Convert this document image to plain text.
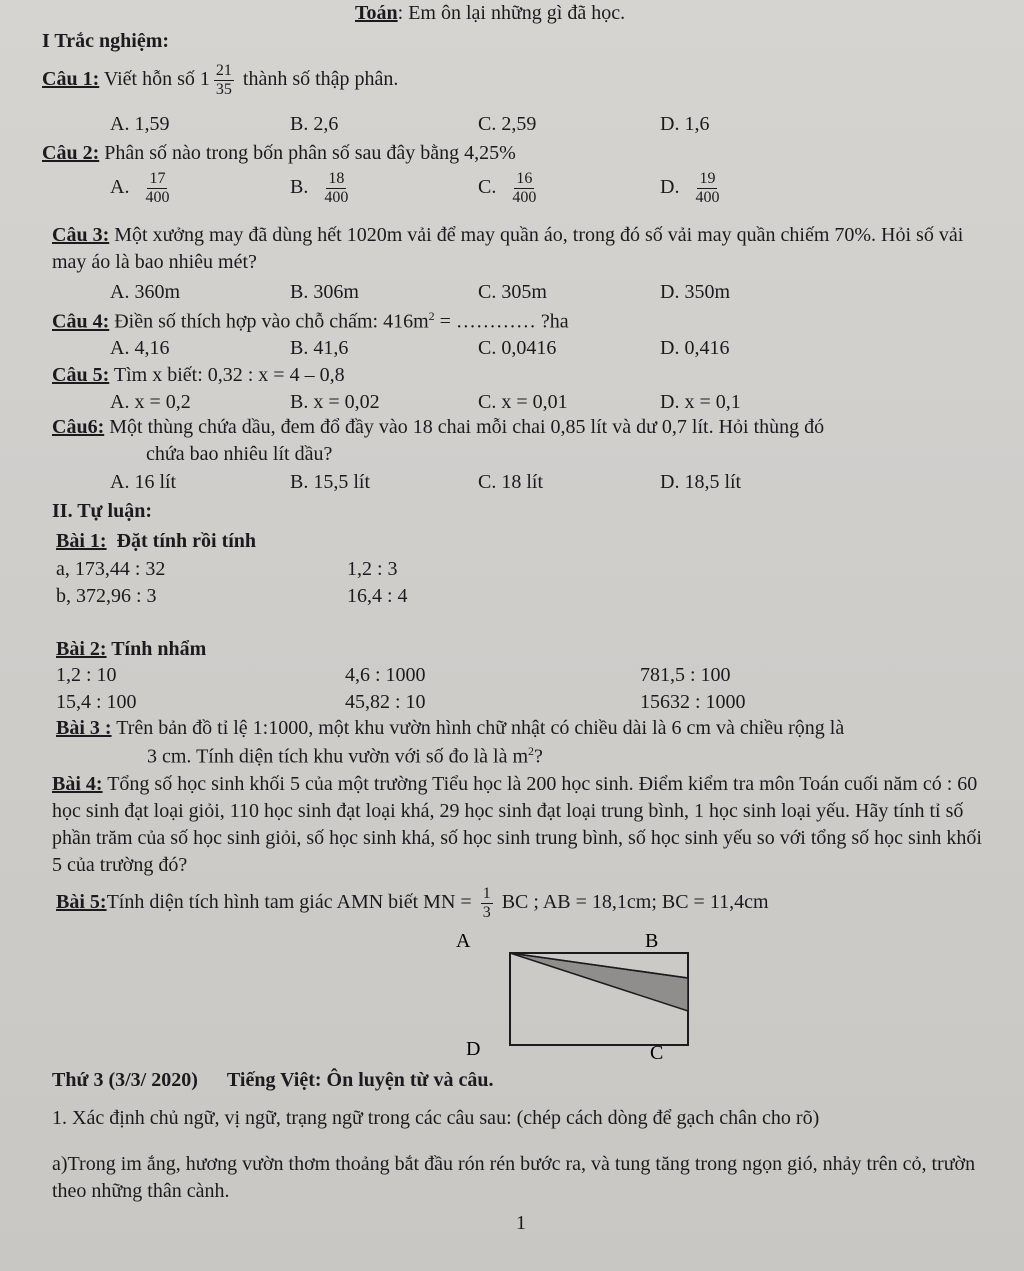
Toán: Em ôn lại những gì đã học.
I Trắc nghiệm:
Câu 1: Viết hỗn số $1 \frac{21}{35}$ thành số thập phân.
A. 1,59	B. 2,6	C. 2,59	D. 1,6
Câu 2: Phân số nào trong bốn phân số sau đây bằng 4,25%
A. $\frac{17}{400}$	B. $\frac{18}{400}$	C. $\frac{16}{400}$	D. $\frac{19}{400}$
Câu 3: Một xưởng may đã dùng hết 1020m vải để may quần áo, trong đó số vải may quần chiếm 70%. Hỏi số vải may áo là bao nhiêu mét?
A. 360m	B. 306m	C. 305m	D. 350m
Câu 4: Điền số thích hợp vào chỗ chấm: $416m^2$ = ………… ?ha
A. 4,16	B. 41,6	C. 0,0416	D. 0,416
Câu 5: Tìm x biết: 0,32 : x = 4 – 0,8
A. x = 0,2	B. x = 0,02	C. x = 0,01	D. x = 0,1
Câu6: Một thùng chứa dầu, đem đổ đầy vào 18 chai mỗi chai 0,85 lít và dư 0,7 lít. Hỏi thùng đó
chứa bao nhiêu lít dầu?
A. 16 lít	B. 15,5 lít	C. 18 lít	D. 18,5 lít
II. Tự luận:
Bài 1: Đặt tính rồi tính
a, 173,44 : 32	1,2 : 3
b, 372,96 : 3	16,4 : 4
Bài 2: Tính nhẩm
1,2 : 10	4,6 : 1000	781,5 : 100
15,4 : 100	45,82 : 10	15632 : 1000
Bài 3 : Trên bản đồ tỉ lệ 1:1000, một khu vườn hình chữ nhật có chiều dài là 6 cm và chiều rộng là
3 cm. Tính diện tích khu vườn với số đo là là $m^2$?
Bài 4: Tổng số học sinh khối 5 của một trường Tiểu học là 200 học sinh. Điểm kiểm tra môn Toán cuối năm có : 60 học sinh đạt loại giỏi, 110 học sinh đạt loại khá, 29 học sinh đạt loại trung bình, 1 học sinh loại yếu. Hãy tính tỉ số phần trăm của số học sinh giỏi, số học sinh khá, số học sinh trung bình, số học sinh yếu so với tổng số học sinh khối 5 của trường đó?
Bài 5:Tính diện tích hình tam giác AMN biết MN = $\frac{1}{3}$ BC ; AB = 18,1cm; BC = 11,4cm
A	B
D	C
Thứ 3 (3/3/ 2020) Tiếng Việt: Ôn luyện từ và câu.
1. Xác định chủ ngữ, vị ngữ, trạng ngữ trong các câu sau: (chép cách dòng để gạch chân cho rõ)
a)Trong im ắng, hương vườn thơm thoảng bắt đầu rón rén bước ra, và tung tăng trong ngọn gió, nhảy trên cỏ, trườn theo những thân cành.
1
